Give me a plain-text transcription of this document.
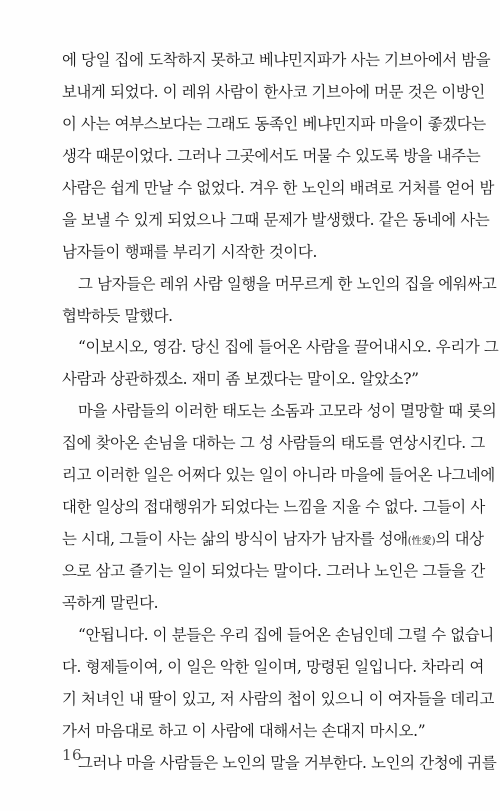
에 당일 집에 도착하지 못하고 베냐민지파가 사는 기브아에서 밤을
보내게 되었다. 이 레위 사람이 한사코 기브아에 머문 것은 이방인
이 사는 여부스보다는 그래도 동족인 베냐민지파 마을이 좋겠다는
생각 때문이었다. 그러나 그곳에서도 머물 수 있도록 방을 내주는
사람은 쉽게 만날 수 없었다. 겨우 한 노인의 배려로 거처를 얻어 밤
을 보낼 수 있게 되었으나 그때 문제가 발생했다. 같은 동네에 사는
남자들이 행패를 부리기 시작한 것이다.
그 남자들은 레위 사람 일행을 머무르게 한 노인의 집을 에워싸고
협박하듯 말했다.
“이보시오, 영감. 당신 집에 들어온 사람을 끌어내시오. 우리가 그
사람과 상관하겠소. 재미 좀 보겠다는 말이오. 알았소?”
마을 사람들의 이러한 태도는 소돔과 고모라 성이 멸망할 때 롯의
집에 찾아온 손님을 대하는 그 성 사람들의 태도를 연상시킨다. 그
리고 이러한 일은 어쩌다 있는 일이 아니라 마을에 들어온 나그네에
대한 일상의 접대행위가 되었다는 느낌을 지울 수 없다. 그들이 사
는 시대, 그들이 사는 삶의 방식이 남자가 남자를 성애(性愛)의 대상
으로 삼고 즐기는 일이 되었다는 말이다. 그러나 노인은 그들을 간
곡하게 말린다.
“안됩니다. 이 분들은 우리 집에 들어온 손님인데 그럴 수 없습니
다. 형제들이여, 이 일은 악한 일이며, 망령된 일입니다. 차라리 여
기 처녀인 내 딸이 있고, 저 사람의 첩이 있으니 이 여자들을 데리고
가서 마음대로 하고 이 사람에 대해서는 손대지 마시오.”
그러나 마을 사람들은 노인의 말을 거부한다. 노인의 간청에 귀를
16
